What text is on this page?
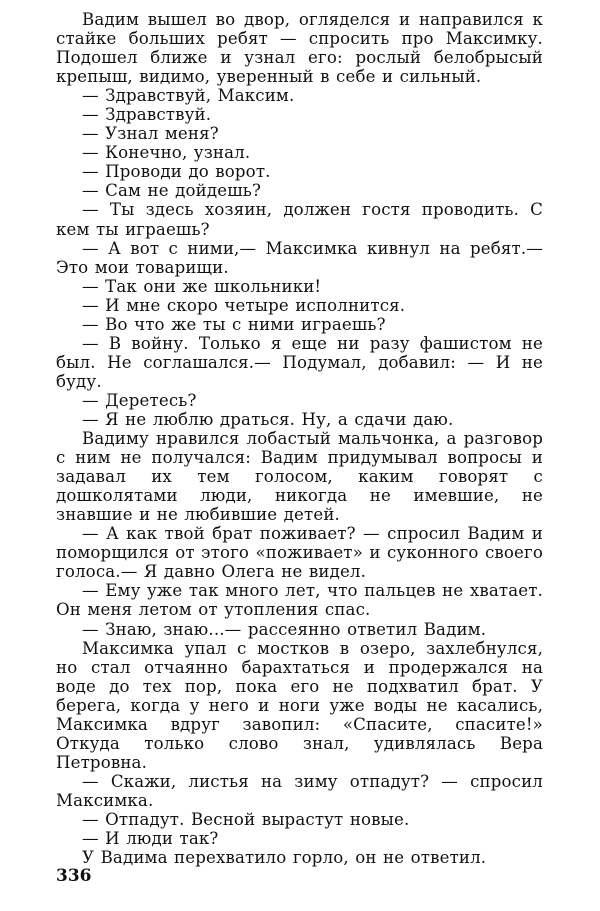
Вадим вышел во двор, огляделся и направился к стайке больших ребят — спросить про Максимку. Подошел ближе и узнал его: рослый белобрысый крепыш, видимо, уверенный в себе и сильный.

— Здравствуй, Максим.

— Здравствуй.

— Узнал меня?

— Конечно, узнал.

— Проводи до ворот.

— Сам не дойдешь?

— Ты здесь хозяин, должен гостя проводить. С кем ты играешь?

— А вот с ними,— Максимка кивнул на ребят.— Это мои товарищи.

— Так они же школьники!

— И мне скоро четыре исполнится.

— Во что же ты с ними играешь?

— В войну. Только я еще ни разу фашистом не был. Не соглашался.— Подумал, добавил: — И не буду.

— Деретесь?

— Я не люблю драться. Ну, а сдачи даю.

Вадиму нравился лобастый мальчонка, а разговор с ним не получался: Вадим придумывал вопросы и задавал их тем голосом, каким говорят с дошколятами люди, никогда не имевшие, не знавшие и не любившие детей.

— А как твой брат поживает? — спросил Вадим и поморщился от этого «поживает» и суконного своего голоса.— Я давно Олега не видел.

— Ему уже так много лет, что пальцев не хватает. Он меня летом от утопления спас.

— Знаю, знаю...— рассеянно ответил Вадим.

Максимка упал с мостков в озеро, захлебнулся, но стал отчаянно барахтаться и продержался на воде до тех пор, пока его не подхватил брат. У берега, когда у него и ноги уже воды не касались, Максимка вдруг завопил: «Спасите, спасите!» Откуда только слово знал, удивлялась Вера Петровна.

— Скажи, листья на зиму отпадут? — спросил Максимка.

— Отпадут. Весной вырастут новые.

— И люди так?

У Вадима перехватило горло, он не ответил.

336
